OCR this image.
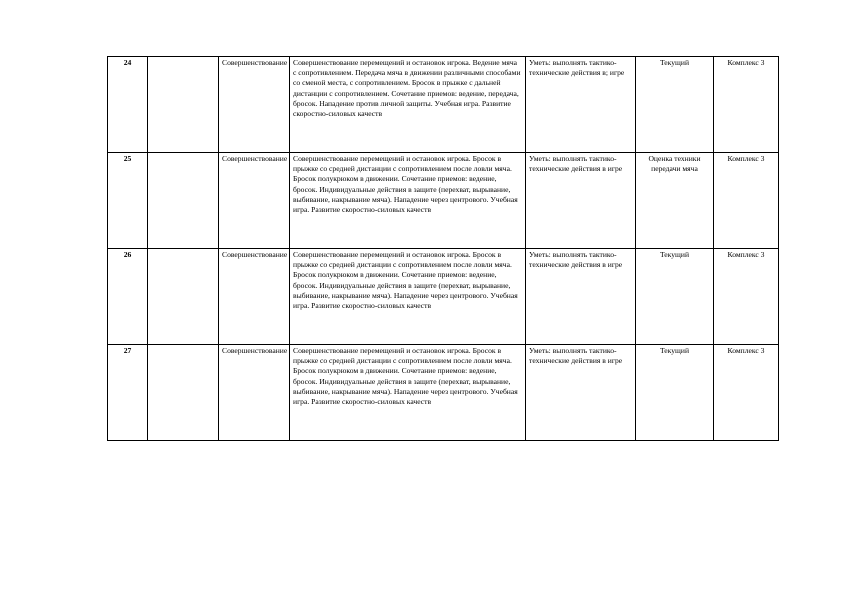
24		Совершенствование	Совершенствование перемещений и остановок игрока. Ведение мяча с сопротивлением. Передача мяча в движении различными способами со сменой места, с сопротивлением. Бросок в прыжке с дальней дистанции с сопротивлением. Сочетание приемов: ведение, передача, бросок. Нападение против личной защиты. Учебная игра. Развитие скоростно-силовых качеств	Уметь: выполнять тактико-технические действия в; игре	Текущий	Комплекс 3
25		Совершенствование	Совершенствование перемещений и остановок игрока. Бросок в прыжке со средней дистанции с сопротивлением после ловли мяча. Бросок полукрюком в движении. Сочетание приемов: ведение, бросок. Индивидуальные действия в защите (перехват, вырывание, выбивание, накрывание мяча). Нападение через центрового. Учебная игра. Развитие скоростно-силовых качеств	Уметь: выполнять тактико-технические действия в игре	Оценка техники передачи мяча	Комплекс 3
26		Совершенствование	Совершенствование перемещений и остановок игрока. Бросок в прыжке со средней дистанции с сопротивлением после ловли мяча. Бросок полукрюком в движении. Сочетание приемов: ведение, бросок. Индивидуальные действия в защите (перехват, вырывание, выбивание, накрывание мяча). Нападение через центрового. Учебная игра. Развитие скоростно-силовых качеств	Уметь: выполнять тактико-технические действия в игре	Текущий	Комплекс 3
27		Совершенствование	Совершенствование перемещений и остановок игрока. Бросок в прыжке со средней дистанции с сопротивлением после ловли мяча. Бросок полукрюком в движении. Сочетание приемов: ведение, бросок. Индивидуальные действия в защите (перехват, вырывание, выбивание, накрывание мяча). Нападение через центрового. Учебная игра. Развитие скоростно-силовых качеств	Уметь: выполнять тактико-технические действия в игре	Текущий	Комплекс 3
